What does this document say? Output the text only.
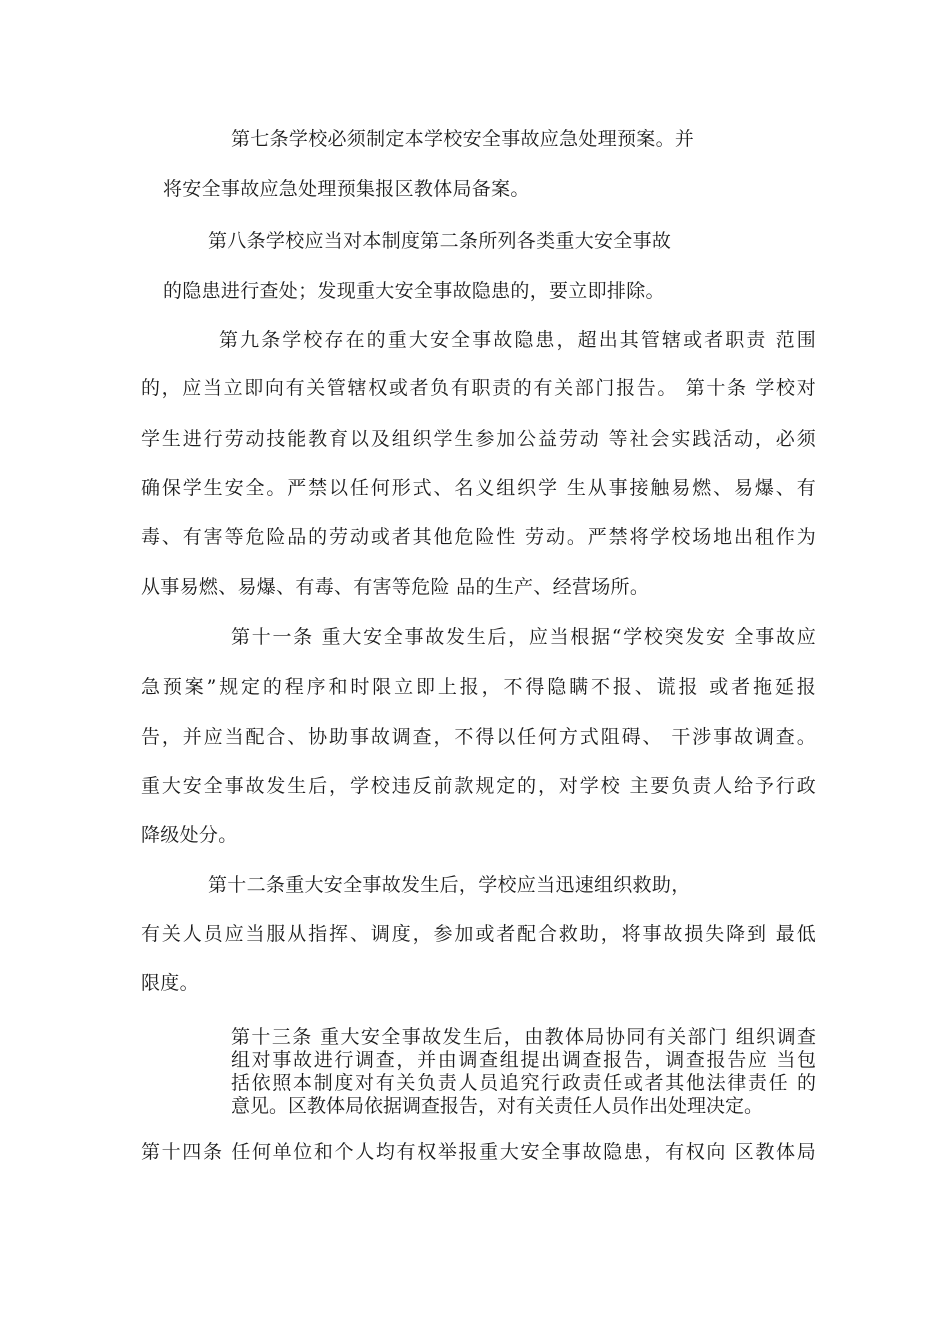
第七条学校必须制定本学校安全事故应急处理预案。并
将安全事故应急处理预集报区教体局备案。
第八条学校应当对本制度第二条所列各类重大安全事故
的隐患进行查处；发现重大安全事故隐患的，要立即排除。
第九条学校存在的重大安全事故隐患，超出其管辖或者职责 范围
的，应当立即向有关管辖权或者负有职责的有关部门报告。 第十条 学校对
学生进行劳动技能教育以及组织学生参加公益劳动 等社会实践活动，必须
确保学生安全。严禁以任何形式、名义组织学 生从事接触易燃、易爆、有
毒、有害等危险品的劳动或者其他危险性 劳动。严禁将学校场地出租作为
从事易燃、易爆、有毒、有害等危险 品的生产、经营场所。
第十一条 重大安全事故发生后，应当根据“学校突发安 全事故应
急预案”规定的程序和时限立即上报，不得隐瞒不报、谎报 或者拖延报
告，并应当配合、协助事故调查，不得以任何方式阻碍、 干涉事故调查。
重大安全事故发生后，学校违反前款规定的，对学校 主要负责人给予行政
降级处分。
第十二条重大安全事故发生后，学校应当迅速组织救助，
有关人员应当服从指挥、调度，参加或者配合救助，将事故损失降到 最低
限度。
第十三条 重大安全事故发生后，由教体局协同有关部门 组织调查
组对事故进行调查，并由调查组提出调查报告，调查报告应 当包
括依照本制度对有关负责人员追究行政责任或者其他法律责任 的
意见。区教体局依据调查报告，对有关责任人员作出处理决定。
第十四条 任何单位和个人均有权举报重大安全事故隐患，有权向 区教体局
